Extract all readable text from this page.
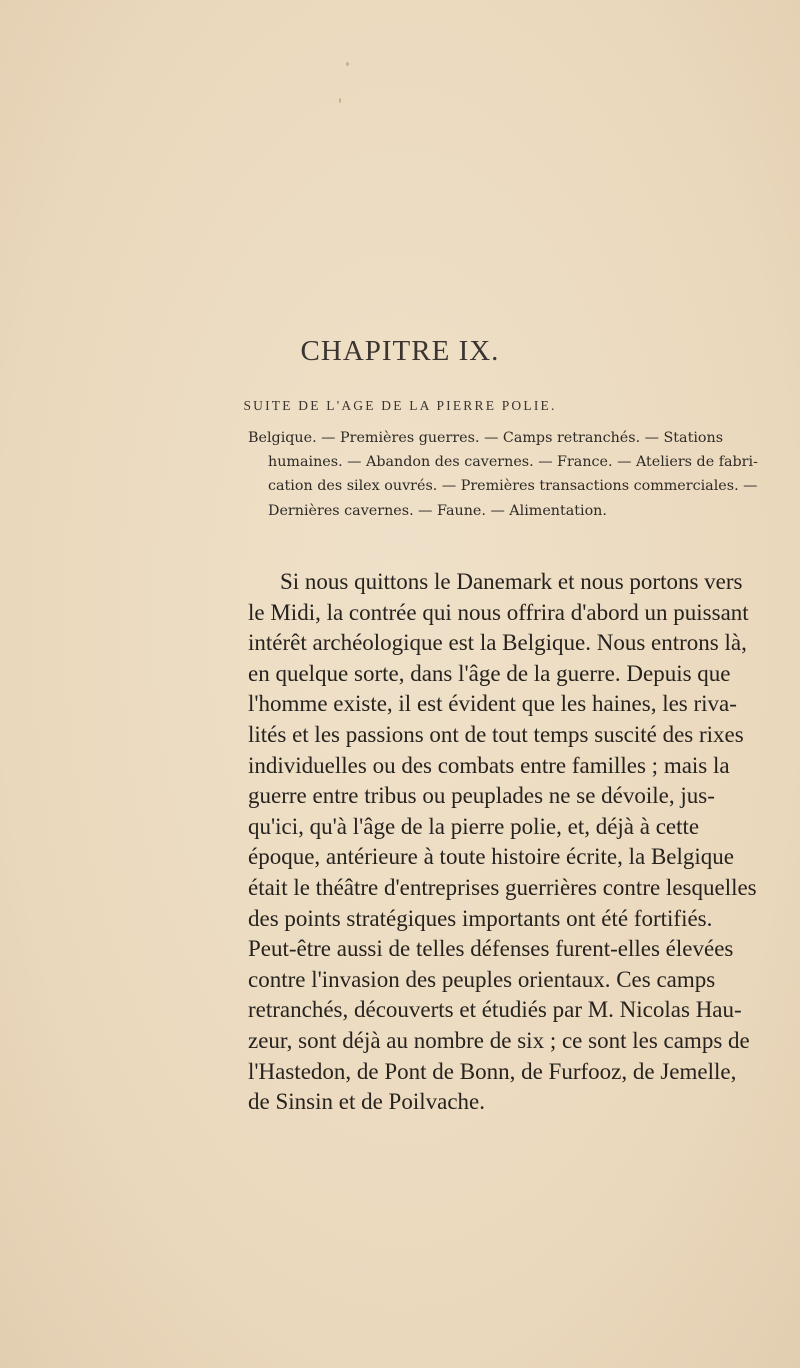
CHAPITRE IX.
SUITE DE L'AGE DE LA PIERRE POLIE.
Belgique. — Premières guerres. — Camps retranchés. — Stations
humaines. — Abandon des cavernes. — France. — Ateliers de fabri-
cation des silex ouvrés. — Premières transactions commerciales. —
Dernières cavernes. — Faune. — Alimentation.
Si nous quittons le Danemark et nous portons vers
le Midi, la contrée qui nous offrira d'abord un puissant
intérêt archéologique est la Belgique. Nous entrons là,
en quelque sorte, dans l'âge de la guerre. Depuis que
l'homme existe, il est évident que les haines, les riva-
lités et les passions ont de tout temps suscité des rixes
individuelles ou des combats entre familles ; mais la
guerre entre tribus ou peuplades ne se dévoile, jus-
qu'ici, qu'à l'âge de la pierre polie, et, déjà à cette
époque, antérieure à toute histoire écrite, la Belgique
était le théâtre d'entreprises guerrières contre lesquelles
des points stratégiques importants ont été fortifiés.
Peut-être aussi de telles défenses furent-elles élevées
contre l'invasion des peuples orientaux. Ces camps
retranchés, découverts et étudiés par M. Nicolas Hau-
zeur, sont déjà au nombre de six ; ce sont les camps de
l'Hastedon, de Pont de Bonn, de Furfooz, de Jemelle,
de Sinsin et de Poilvache.
